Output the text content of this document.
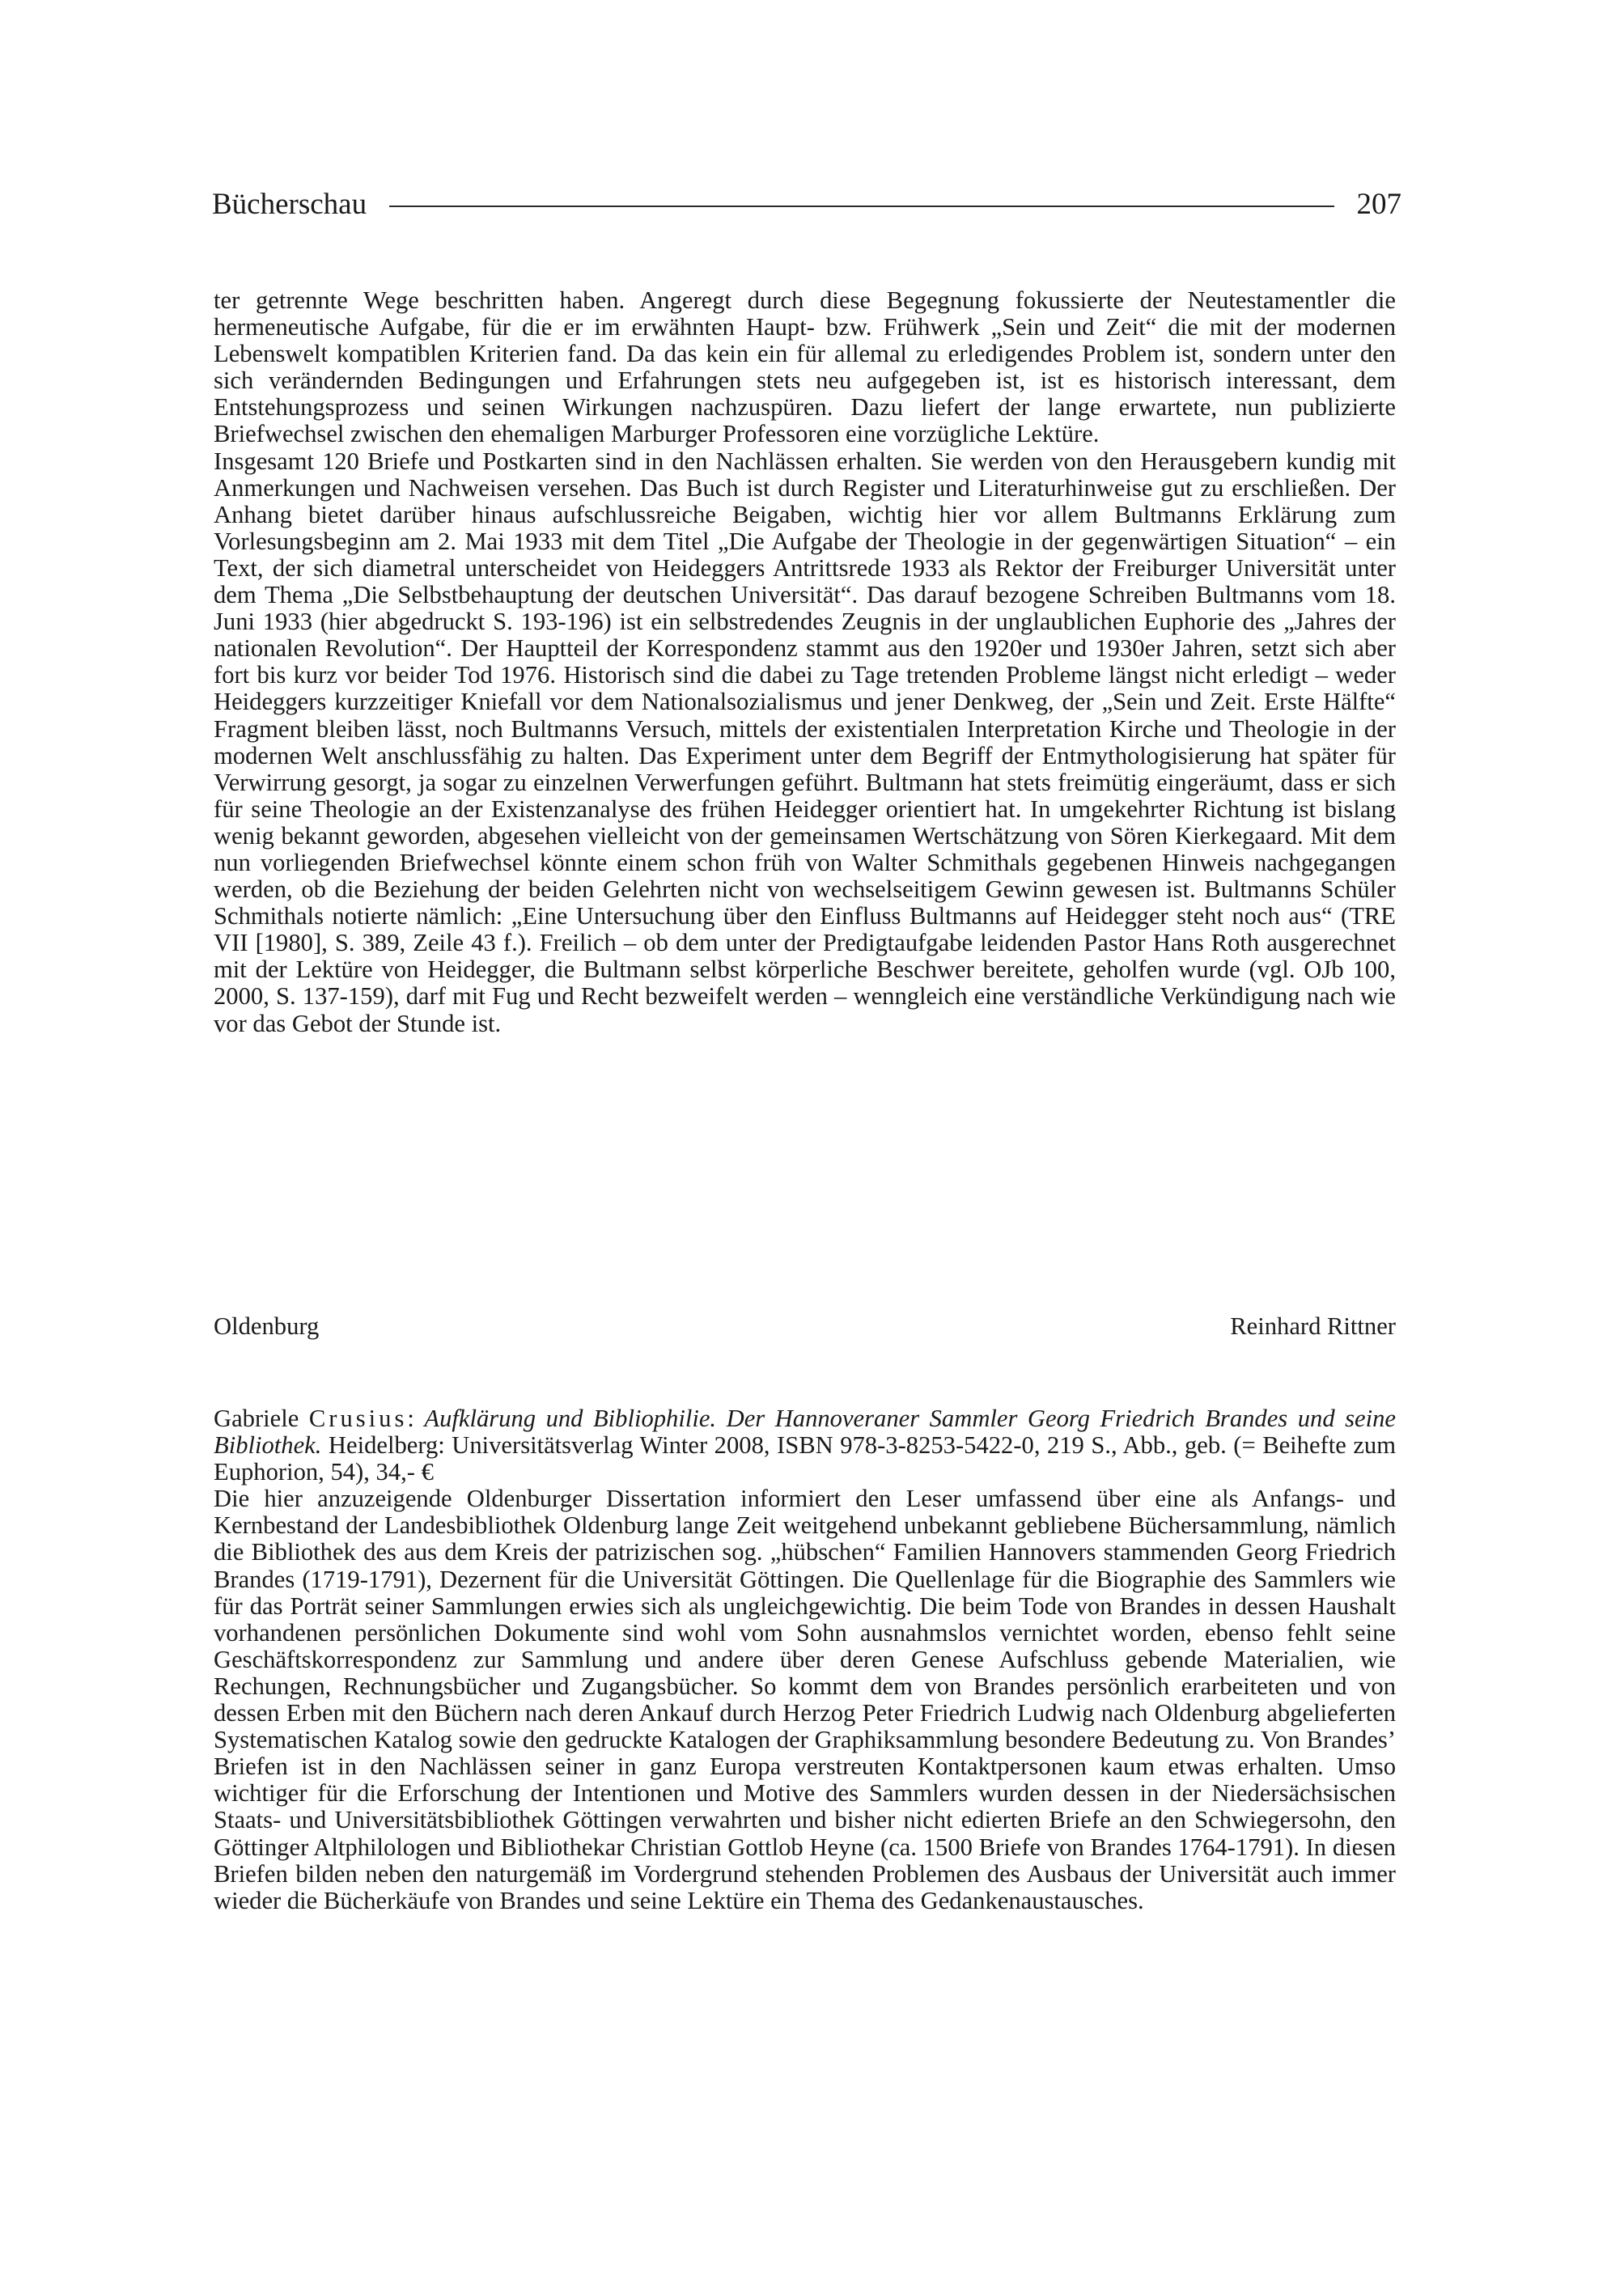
Bücherschau	207

ter getrennte Wege beschritten haben. Angeregt durch diese Begegnung fokussierte der Neutestamentler die hermeneutische Aufgabe, für die er im erwähnten Haupt- bzw. Frühwerk „Sein und Zeit“ die mit der modernen Lebenswelt kompatiblen Kriterien fand. Da das kein ein für allemal zu erledigendes Problem ist, sondern unter den sich verändernden Bedingungen und Erfahrungen stets neu aufgegeben ist, ist es historisch interessant, dem Entstehungsprozess und seinen Wirkungen nachzuspüren. Dazu liefert der lange erwartete, nun publizierte Briefwechsel zwischen den ehemaligen Marburger Professoren eine vorzügliche Lektüre.

Insgesamt 120 Briefe und Postkarten sind in den Nachlässen erhalten. Sie werden von den Herausgebern kundig mit Anmerkungen und Nachweisen versehen. Das Buch ist durch Register und Literaturhinweise gut zu erschließen. Der Anhang bietet darüber hinaus aufschlussreiche Beigaben, wichtig hier vor allem Bultmanns Erklärung zum Vorlesungsbeginn am 2. Mai 1933 mit dem Titel „Die Aufgabe der Theologie in der gegenwärtigen Situation“ – ein Text, der sich diametral unterscheidet von Heideggers Antrittsrede 1933 als Rektor der Freiburger Universität unter dem Thema „Die Selbstbehauptung der deutschen Universität“. Das darauf bezogene Schreiben Bultmanns vom 18. Juni 1933 (hier abgedruckt S. 193-196) ist ein selbstredendes Zeugnis in der unglaublichen Euphorie des „Jahres der nationalen Revolution“. Der Hauptteil der Korrespondenz stammt aus den 1920er und 1930er Jahren, setzt sich aber fort bis kurz vor beider Tod 1976. Historisch sind die dabei zu Tage tretenden Probleme längst nicht erledigt – weder Heideggers kurzzeitiger Kniefall vor dem Nationalsozialismus und jener Denkweg, der „Sein und Zeit. Erste Hälfte“ Fragment bleiben lässt, noch Bultmanns Versuch, mittels der existentialen Interpretation Kirche und Theologie in der modernen Welt anschlussfähig zu halten. Das Experiment unter dem Begriff der Entmythologisierung hat später für Verwirrung gesorgt, ja sogar zu einzelnen Verwerfungen geführt. Bultmann hat stets freimütig eingeräumt, dass er sich für seine Theologie an der Existenzanalyse des frühen Heidegger orientiert hat. In umgekehrter Richtung ist bislang wenig bekannt geworden, abgesehen vielleicht von der gemeinsamen Wertschätzung von Sören Kierkegaard. Mit dem nun vorliegenden Briefwechsel könnte einem schon früh von Walter Schmithals gegebenen Hinweis nachgegangen werden, ob die Beziehung der beiden Gelehrten nicht von wechselseitigem Gewinn gewesen ist. Bultmanns Schüler Schmithals notierte nämlich: „Eine Untersuchung über den Einfluss Bultmanns auf Heidegger steht noch aus“ (TRE VII [1980], S. 389, Zeile 43 f.). Freilich – ob dem unter der Predigtaufgabe leidenden Pastor Hans Roth ausgerechnet mit der Lektüre von Heidegger, die Bultmann selbst körperliche Beschwer bereitete, geholfen wurde (vgl. OJb 100, 2000, S. 137-159), darf mit Fug und Recht bezweifelt werden – wenngleich eine verständliche Verkündigung nach wie vor das Gebot der Stunde ist.

Oldenburg	Reinhard Rittner

Gabriele Crusius: Aufklärung und Bibliophilie. Der Hannoveraner Sammler Georg Friedrich Brandes und seine Bibliothek. Heidelberg: Universitätsverlag Winter 2008, ISBN 978-3-8253-5422-0, 219 S., Abb., geb. (= Beihefte zum Euphorion, 54), 34,- €

Die hier anzuzeigende Oldenburger Dissertation informiert den Leser umfassend über eine als Anfangs- und Kernbestand der Landesbibliothek Oldenburg lange Zeit weitgehend unbekannt gebliebene Büchersammlung, nämlich die Bibliothek des aus dem Kreis der patrizischen sog. „hübschen“ Familien Hannovers stammenden Georg Friedrich Brandes (1719-1791), Dezernent für die Universität Göttingen. Die Quellenlage für die Biographie des Sammlers wie für das Porträt seiner Sammlungen erwies sich als ungleichgewichtig. Die beim Tode von Brandes in dessen Haushalt vorhandenen persönlichen Dokumente sind wohl vom Sohn ausnahmslos vernichtet worden, ebenso fehlt seine Geschäftskorrespondenz zur Sammlung und andere über deren Genese Aufschluss gebende Materialien, wie Rechungen, Rechnungsbücher und Zugangsbücher. So kommt dem von Brandes persönlich erarbeiteten und von dessen Erben mit den Büchern nach deren Ankauf durch Herzog Peter Friedrich Ludwig nach Oldenburg abgelieferten Systematischen Katalog sowie den gedruckte Katalogen der Graphiksammlung besondere Bedeutung zu. Von Brandes’ Briefen ist in den Nachlässen seiner in ganz Europa verstreuten Kontaktpersonen kaum etwas erhalten. Umso wichtiger für die Erforschung der Intentionen und Motive des Sammlers wurden dessen in der Niedersächsischen Staats- und Universitätsbibliothek Göttingen verwahrten und bisher nicht edierten Briefe an den Schwiegersohn, den Göttinger Altphilologen und Bibliothekar Christian Gottlob Heyne (ca. 1500 Briefe von Brandes 1764-1791). In diesen Briefen bilden neben den naturgemäß im Vordergrund stehenden Problemen des Ausbaus der Universität auch immer wieder die Bücherkäufe von Brandes und seine Lektüre ein Thema des Gedankenaustausches.
